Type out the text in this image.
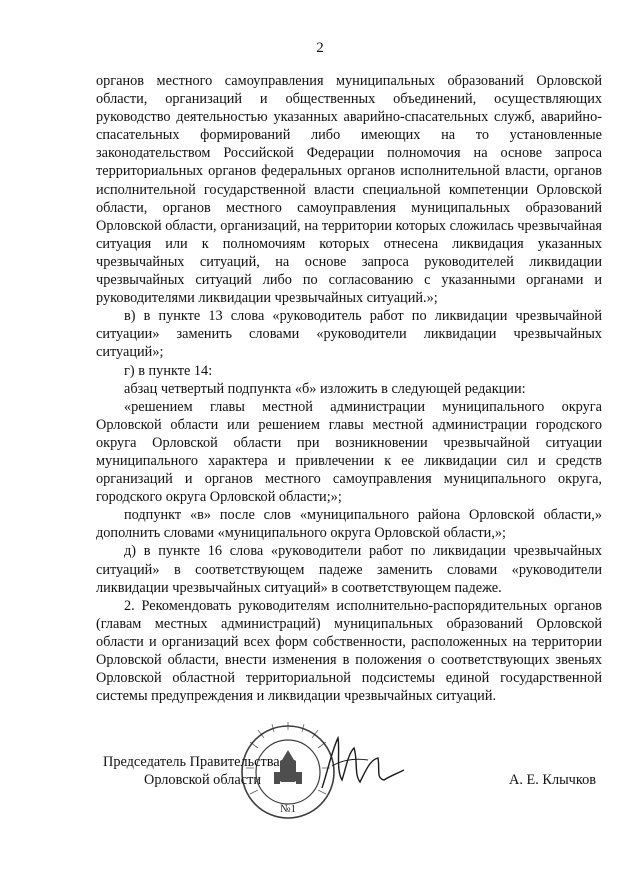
2

органов местного самоуправления муниципальных образований Орловской области, организаций и общественных объединений, осуществляющих руководство деятельностью указанных аварийно-спасательных служб, аварийно-спасательных формирований либо имеющих на то установленные законодательством Российской Федерации полномочия на основе запроса территориальных органов федеральных органов исполнительной власти, органов исполнительной государственной власти специальной компетенции Орловской области, органов местного самоуправления муниципальных образований Орловской области, организаций, на территории которых сложилась чрезвычайная ситуация или к полномочиям которых отнесена ликвидация указанных чрезвычайных ситуаций, на основе запроса руководителей ликвидации чрезвычайных ситуаций либо по согласованию с указанными органами и руководителями ликвидации чрезвычайных ситуаций.»;

в) в пункте 13 слова «руководитель работ по ликвидации чрезвычайной ситуации» заменить словами «руководители ликвидации чрезвычайных ситуаций»;

г) в пункте 14:

абзац четвертый подпункта «б» изложить в следующей редакции:

«решением главы местной администрации муниципального округа Орловской области или решением главы местной администрации городского округа Орловской области при возникновении чрезвычайной ситуации муниципального характера и привлечении к ее ликвидации сил и средств организаций и органов местного самоуправления муниципального округа, городского округа Орловской области;»;

подпункт «в» после слов «муниципального района Орловской области,» дополнить словами «муниципального округа Орловской области,»;

д) в пункте 16 слова «руководители работ по ликвидации чрезвычайных ситуаций» в соответствующем падеже заменить словами «руководители ликвидации чрезвычайных ситуаций» в соответствующем падеже.

2. Рекомендовать руководителям исполнительно-распорядительных органов (главам местных администраций) муниципальных образований Орловской области и организаций всех форм собственности, расположенных на территории Орловской области, внести изменения в положения о соответствующих звеньях Орловской областной территориальной подсистемы единой государственной системы предупреждения и ликвидации чрезвычайных ситуаций.

№1
Председатель Правительства
Орловской области	А. Е. Клычков
